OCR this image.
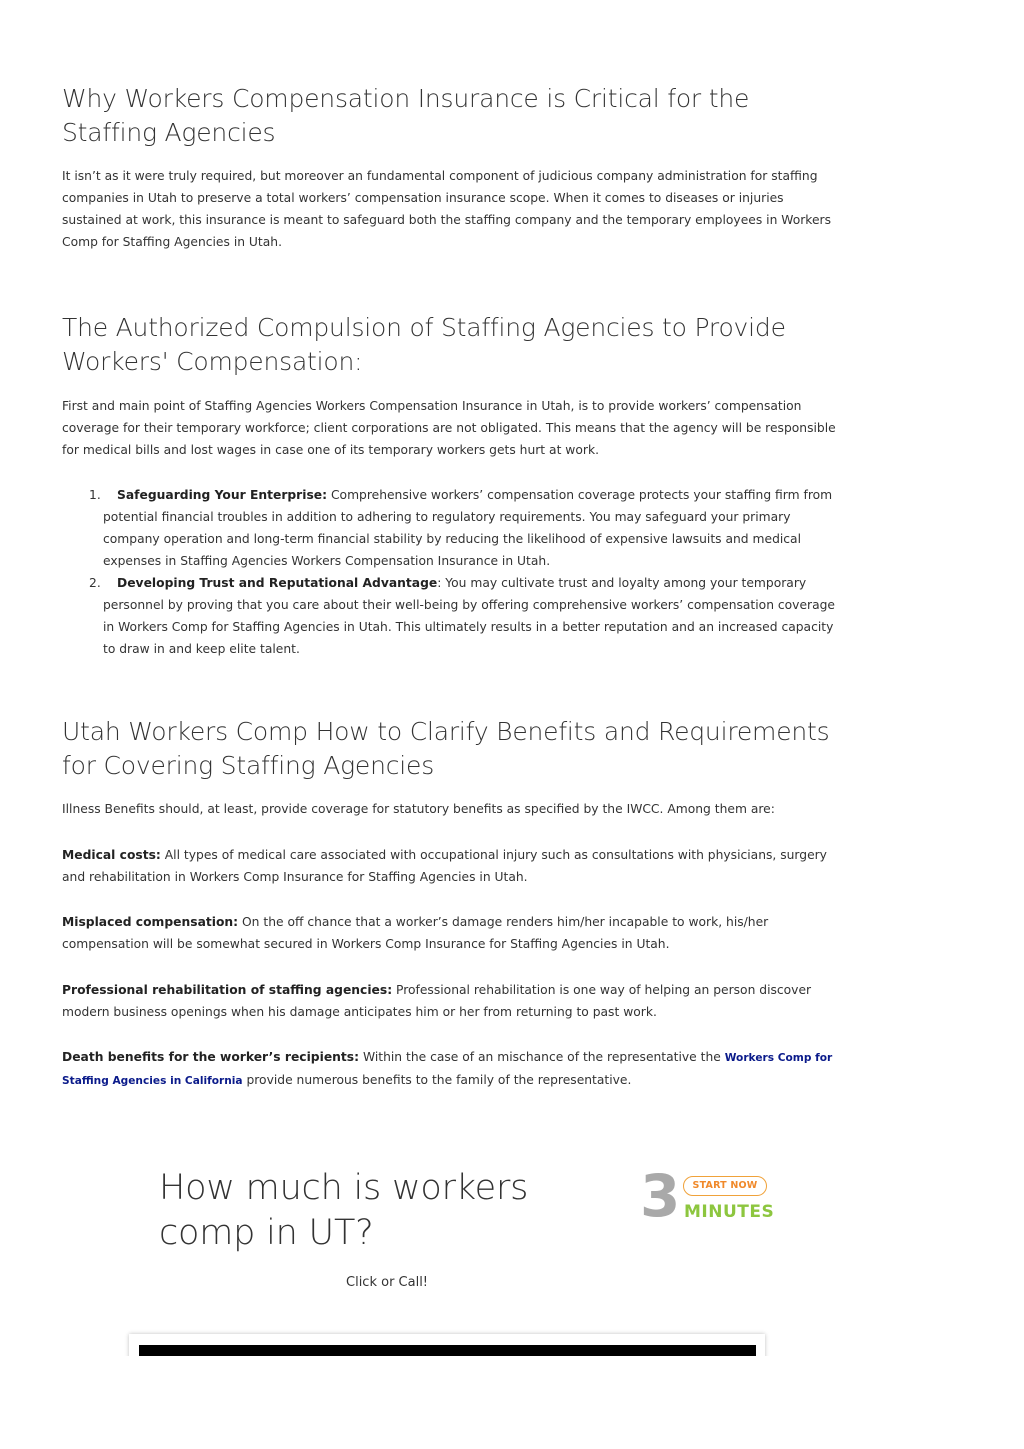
Why Workers Compensation Insurance is Critical for the Staffing Agencies

It isn’t as it were truly required, but moreover an fundamental component of judicious company administration for staffing companies in Utah to preserve a total workers’ compensation insurance scope. When it comes to diseases or injuries sustained at work, this insurance is meant to safeguard both the staffing company and the temporary employees in Workers Comp for Staffing Agencies in Utah.

The Authorized Compulsion of Staffing Agencies to Provide Workers' Compensation:

First and main point of Staffing Agencies Workers Compensation Insurance in Utah, is to provide workers’ compensation coverage for their temporary workforce; client corporations are not obligated. This means that the agency will be responsible for medical bills and lost wages in case one of its temporary workers gets hurt at work.

1. Safeguarding Your Enterprise: Comprehensive workers’ compensation coverage protects your staffing firm from potential financial troubles in addition to adhering to regulatory requirements. You may safeguard your primary company operation and long-term financial stability by reducing the likelihood of expensive lawsuits and medical expenses in Staffing Agencies Workers Compensation Insurance in Utah.
2. Developing Trust and Reputational Advantage: You may cultivate trust and loyalty among your temporary personnel by proving that you care about their well-being by offering comprehensive workers’ compensation coverage in Workers Comp for Staffing Agencies in Utah. This ultimately results in a better reputation and an increased capacity to draw in and keep elite talent.
Utah Workers Comp How to Clarify Benefits and Requirements for Covering Staffing Agencies

Illness Benefits should, at least, provide coverage for statutory benefits as specified by the IWCC. Among them are:

Medical costs: All types of medical care associated with occupational injury such as consultations with physicians, surgery and rehabilitation in Workers Comp Insurance for Staffing Agencies in Utah.

Misplaced compensation: On the off chance that a worker’s damage renders him/her incapable to work, his/her compensation will be somewhat secured in Workers Comp Insurance for Staffing Agencies in Utah.

Professional rehabilitation of staffing agencies: Professional rehabilitation is one way of helping an person discover modern business openings when his damage anticipates him or her from returning to past work.

Death benefits for the worker’s recipients: Within the case of an mischance of the representative the Workers Comp for Staffing Agencies in California provide numerous benefits to the family of the representative.

How much is workers comp in UT?
3	START NOW
MINUTES
Click or Call!
